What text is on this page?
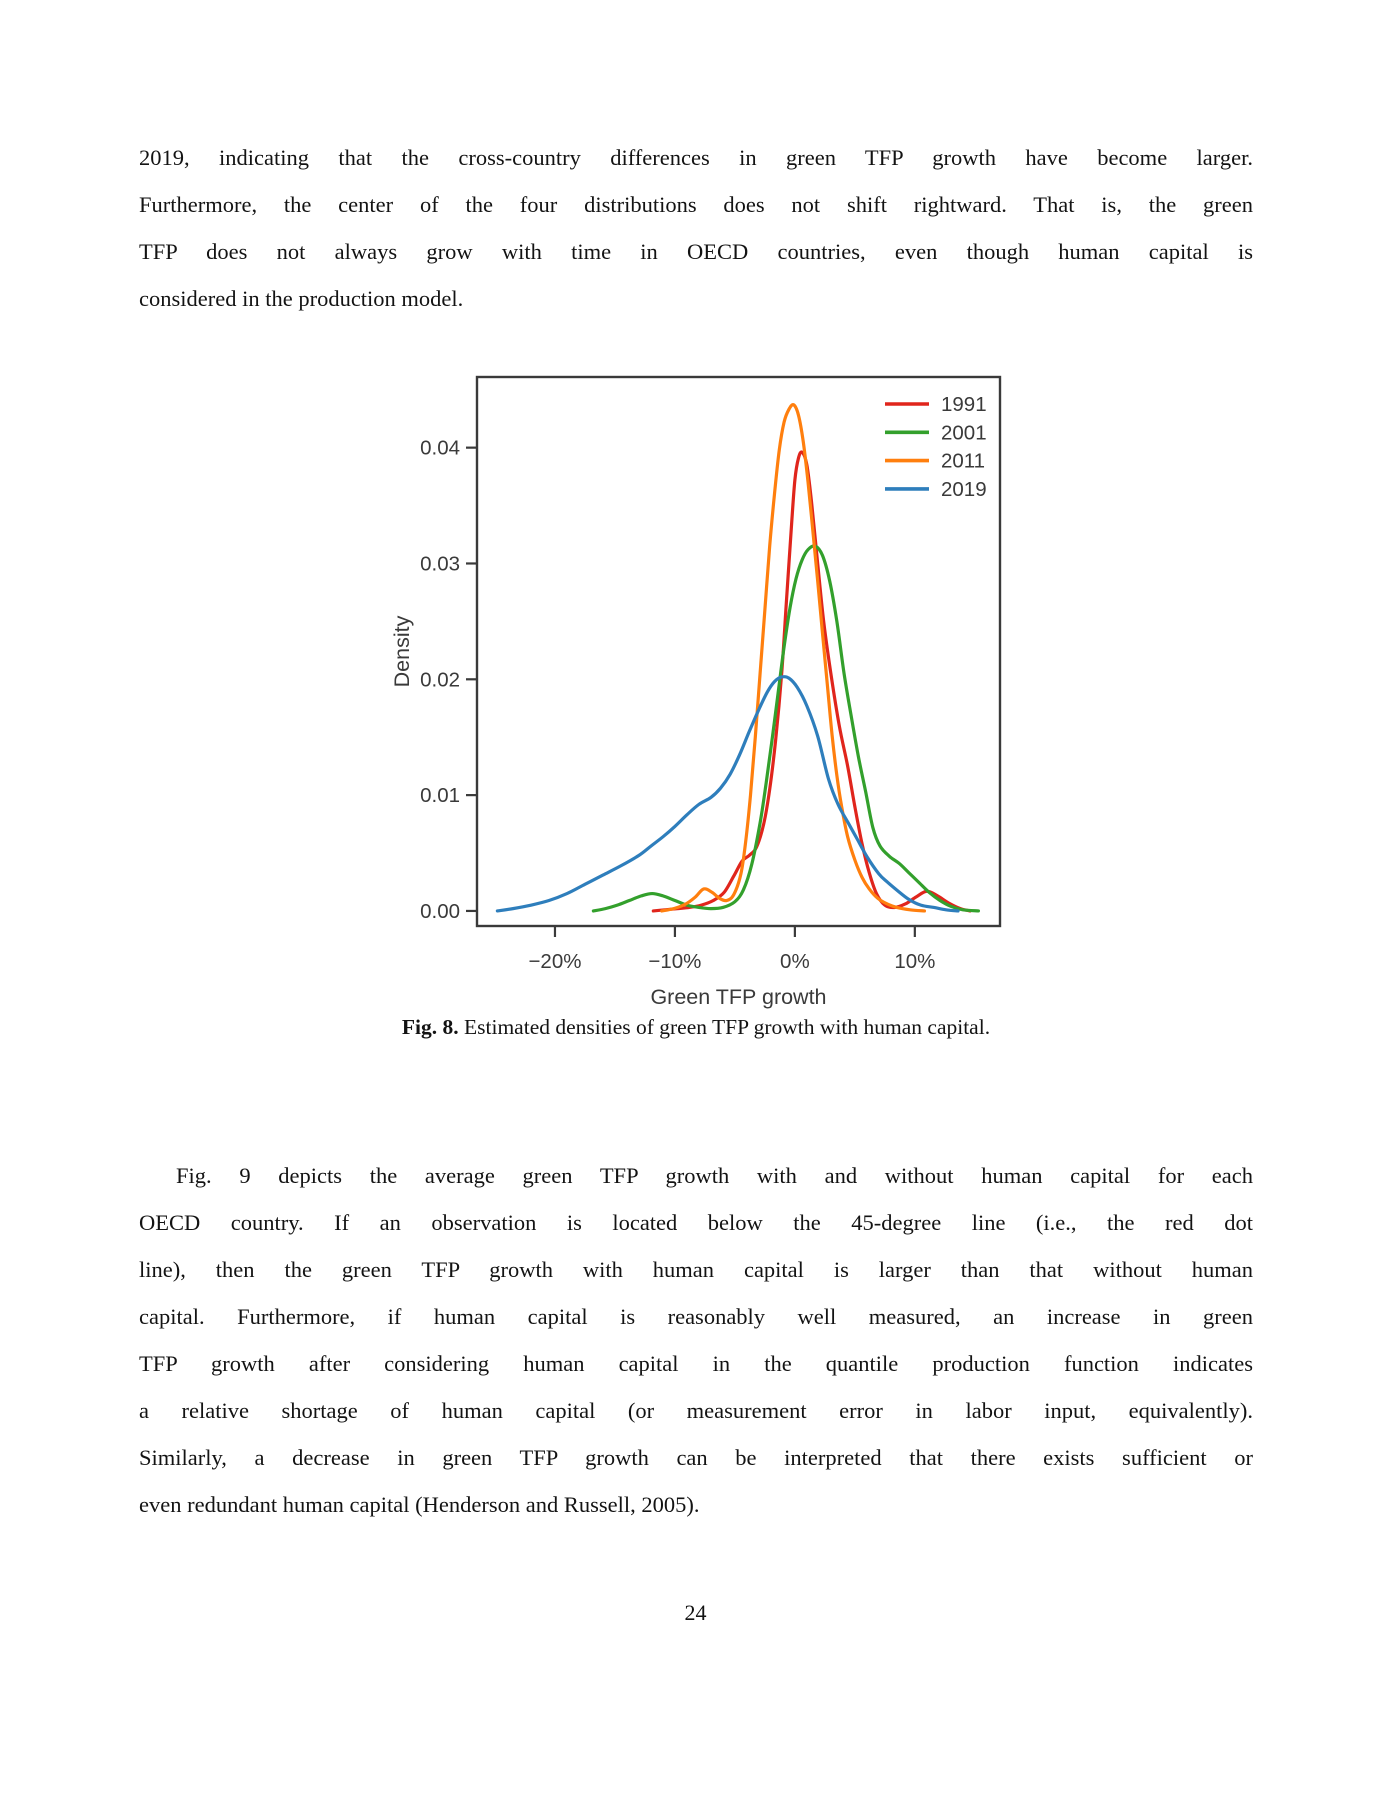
2019, indicating that the cross-country differences in green TFP growth have become larger.
Furthermore, the center of the four distributions does not shift rightward. That is, the green
TFP does not always grow with time in OECD countries, even though human capital is
considered in the production model.
−20%	−10%	0%	10%
0.00
0.01
0.02
0.03
0.04
Green TFP growth
Density
1991
2001
2011
2019
Fig. 8. Estimated densities of green TFP growth with human capital.
Fig. 9 depicts the average green TFP growth with and without human capital for each
OECD country. If an observation is located below the 45-degree line (i.e., the red dot
line), then the green TFP growth with human capital is larger than that without human
capital. Furthermore, if human capital is reasonably well measured, an increase in green
TFP growth after considering human capital in the quantile production function indicates
a relative shortage of human capital (or measurement error in labor input, equivalently).
Similarly, a decrease in green TFP growth can be interpreted that there exists sufficient or
even redundant human capital (Henderson and Russell, 2005).
24
